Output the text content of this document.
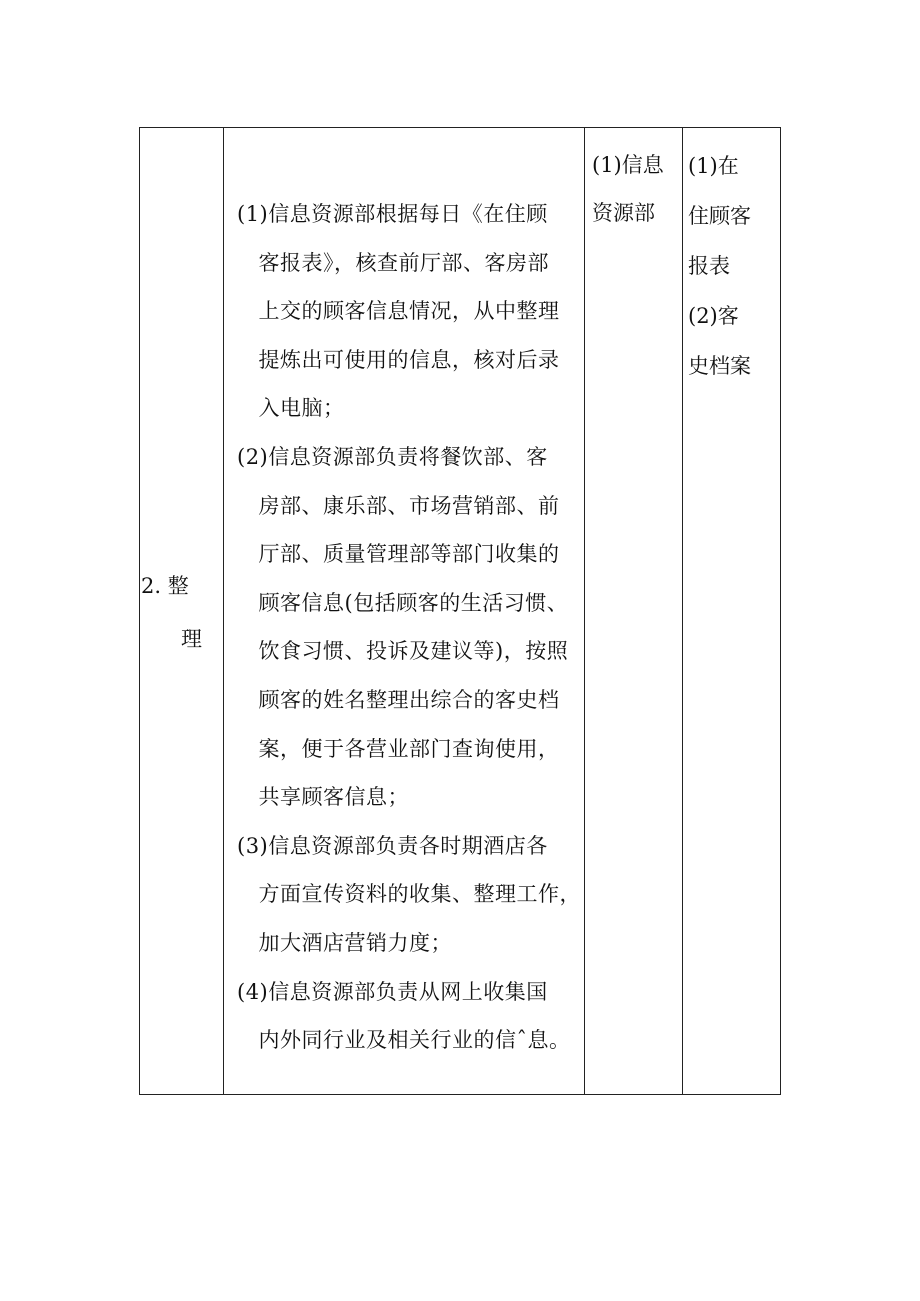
2. 整
理
(1)信息资源部根据每日《在住顾
　客报表》，核查前厅部、客房部
　上交的顾客信息情况，从中整理
　提炼出可使用的信息，核对后录
　入电脑；
(2)信息资源部负责将餐饮部、客
　房部、康乐部、市场营销部、前
　厅部、质量管理部等部门收集的
　顾客信息(包括顾客的生活习惯、
　饮食习惯、投诉及建议等)，按照
　顾客的姓名整理出综合的客史档
　案，便于各营业部门查询使用，
　共享顾客信息；
(3)信息资源部负责各时期酒店各
　方面宣传资料的收集、整理工作，
　加大酒店营销力度；
(4)信息资源部负责从网上收集国
　内外同行业及相关行业的信ˆ息。
(1)信息
资源部
(1)在
住顾客
报表
(2)客
史档案
